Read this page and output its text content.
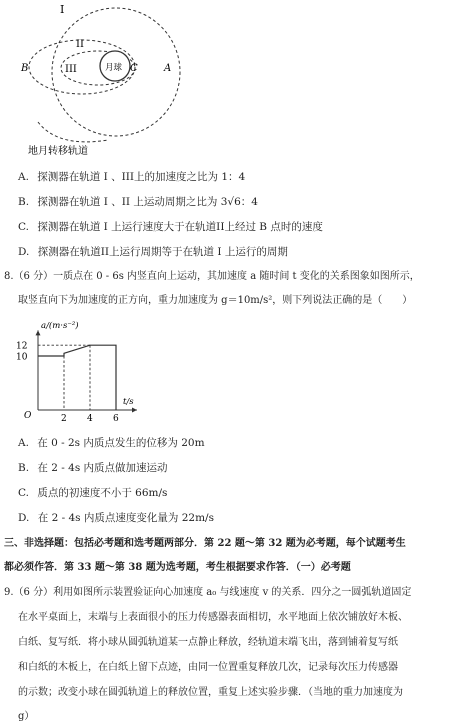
I
II
III
B	C	A
月球
地月转移轨道
A. 探测器在轨道 I 、III上的加速度之比为 1：4
B. 探测器在轨道 I 、II 上运动周期之比为 3√6：4
C. 探测器在轨道 I 上运行速度大于在轨道II上经过 B 点时的速度
D. 探测器在轨道II上运行周期等于在轨道 I 上运行的周期
8.（6 分）一质点在 0 - 6s 内竖直向上运动，其加速度 a 随时间 t 变化的关系图象如图所示，
取竖直向下为加速度的正方向，重力加速度为 g＝10m/s²，则下列说法正确的是（　　）
2 4 6
10
12
O
t/s
a/(m·s⁻²)
A. 在 0 - 2s 内质点发生的位移为 20m
B. 在 2 - 4s 内质点做加速运动
C. 质点的初速度不小于 66m/s
D. 在 2 - 4s 内质点速度变化量为 22m/s
三、非选择题：包括必考题和选考题两部分．第 22 题～第 32 题为必考题，每个试题考生
都必须作答．第 33 题～第 38 题为选考题，考生根据要求作答．（一）必考题
9.（6 分）利用如图所示装置验证向心加速度 a₀ 与线速度 v 的关系．四分之一圆弧轨道固定
在水平桌面上，末端与上表面很小的压力传感器表面相切，水平地面上依次铺放好木板、
白纸、复写纸．将小球从圆弧轨道某一点静止释放，经轨道末端飞出，落到铺着复写纸
和白纸的木板上，在白纸上留下点迹，由同一位置重复释放几次，记录每次压力传感器
的示数；改变小球在圆弧轨道上的释放位置，重复上述实验步骤．（当地的重力加速度为
g）
